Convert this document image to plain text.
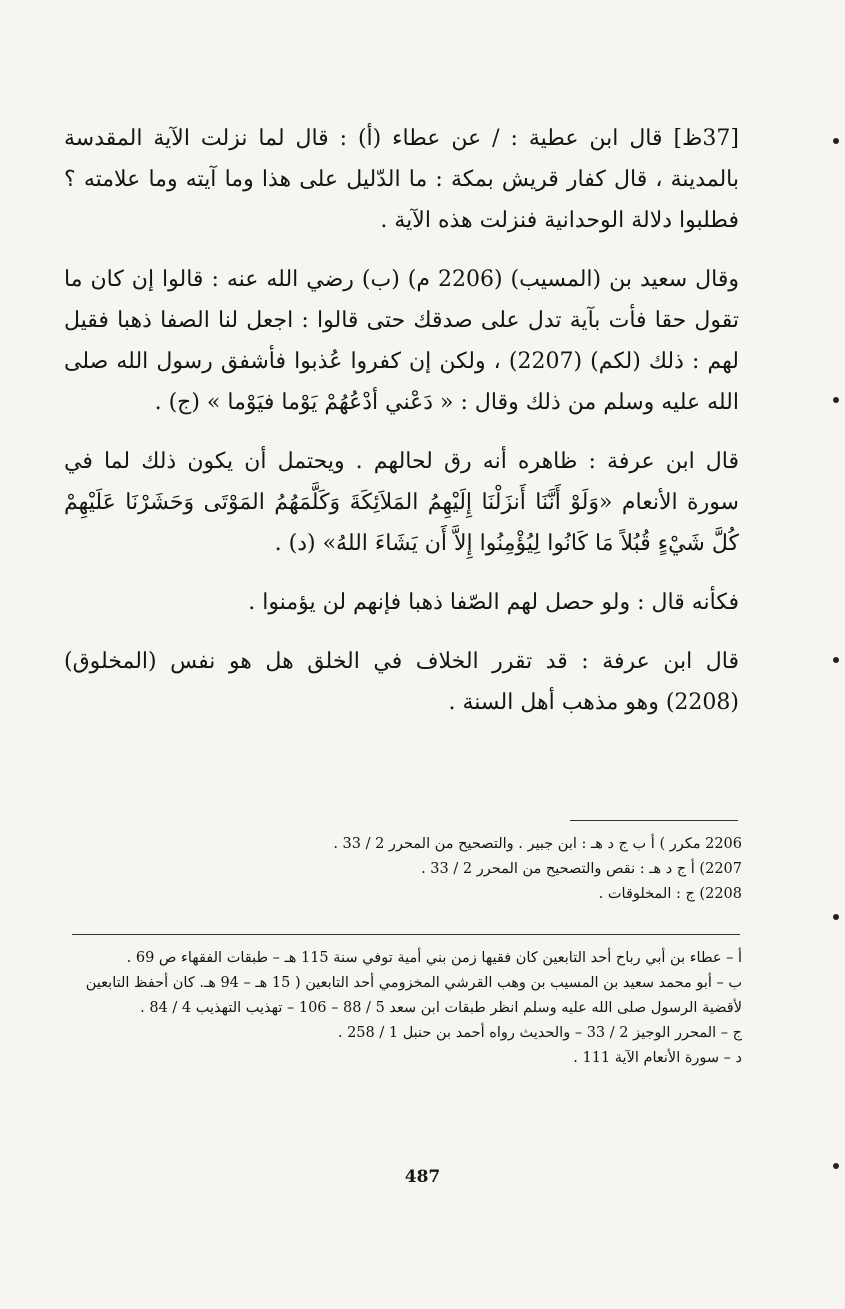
[37ظ] قال ابن عطية : / عن عطاء (أ) : قال لما نزلت الآية المقدسة بالمدينة ، قال كفار قريش بمكة : ما الدّليل على هذا وما آيته وما علامته ؟ فطلبوا دلالة الوحدانية فنزلت هذه الآية .

وقال سعيد بن (المسيب) (2206 م) (ب) رضي الله عنه : قالوا إن كان ما تقول حقا فأت بآية تدل على صدقك حتى قالوا : اجعل لنا الصفا ذهبا فقيل لهم : ذلك (لكم) (2207) ، ولكن إن كفروا عُذبوا فأشفق رسول الله صلى الله عليه وسلم من ذلك وقال : « دَعْني أدْعُهُمْ يَوْما فيَوْما » (ج) .

قال ابن عرفة : ظاهره أنه رق لحالهم . ويحتمل أن يكون ذلك لما في سورة الأنعام «وَلَوْ أَنَّنَا أَنزَلْنَا إِلَيْهِمُ المَلاَئِكَةَ وَكَلَّمَهُمُ المَوْتَى وَحَشَرْنَا عَلَيْهِمْ كُلَّ شَيْءٍ قُبُلاً مَا كَانُوا لِيُؤْمِنُوا إِلاَّ أَن يَشَاءَ اللهُ» (د) .

فكأنه قال : ولو حصل لهم الصّفا ذهبا فإنهم لن يؤمنوا .

قال ابن عرفة : قد تقرر الخلاف في الخلق هل هو نفس (المخلوق) (2208) وهو مذهب أهل السنة .

2206 مكرر ) أ ب ج د هـ : ابن جبير . والتصحيح من المحرر 2 / 33 .

2207) أ ج د هـ : نقص والتصحيح من المحرر 2 / 33 .

2208) ج : المخلوقات .

أ – عطاء بن أبي رباح أحد التابعين كان فقيها زمن بني أمية توفي سنة 115 هـ – طبقات الفقهاء ص 69 .

ب – أبو محمد سعيد بن المسيب بن وهب القرشي المخزومي أحد التابعين ( 15 هـ – 94 هـ. كان أحفظ التابعين لأقضية الرسول صلى الله عليه وسلم انظر طبقات ابن سعد 5 / 88 – 106 – تهذيب التهذيب 4 / 84 .

ج – المحرر الوجيز 2 / 33 – والحديث رواه أحمد بن حنبل 1 / 258 .

د – سورة الأنعام الآية 111 .

487
